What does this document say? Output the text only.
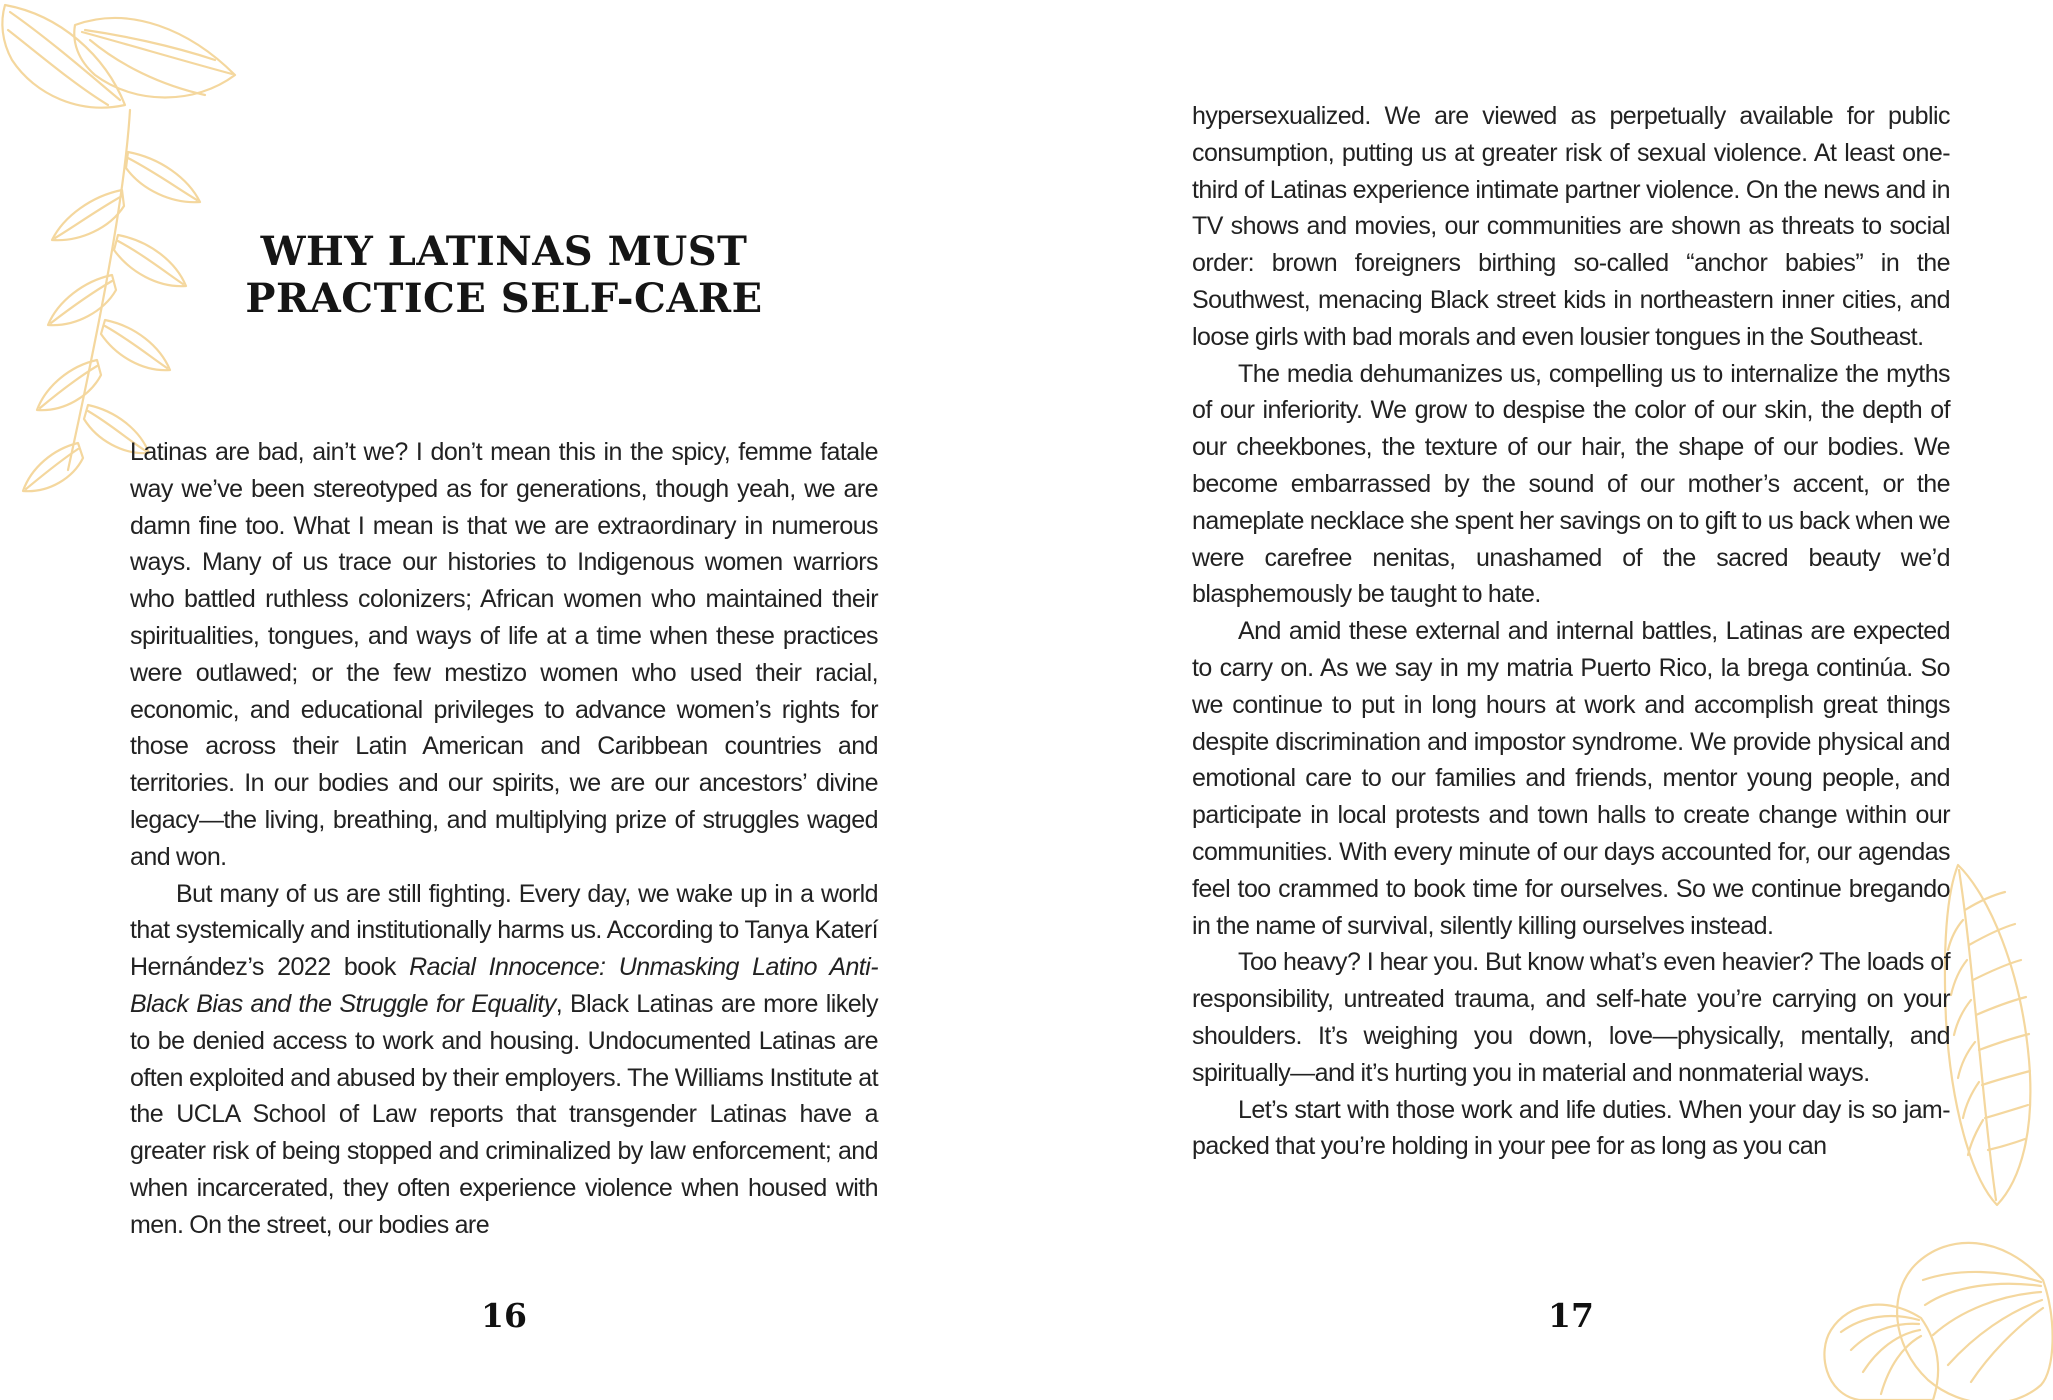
WHY LATINAS MUST
PRACTICE SELF-CARE

Latinas are bad, ain’t we? I don’t mean this in the spicy, femme fatale way we’ve been stereotyped as for generations, though yeah, we are damn fine too. What I mean is that we are extraordinary in numerous ways. Many of us trace our histories to Indigenous women warriors who battled ruthless colonizers; African women who maintained their spiritualities, tongues, and ways of life at a time when these practices were outlawed; or the few mestizo women who used their racial, economic, and educational privileges to advance women’s rights for those across their Latin American and Caribbean countries and territories. In our bodies and our spirits, we are our ancestors’ divine legacy—the living, breathing, and multiplying prize of struggles waged and won.

But many of us are still fighting. Every day, we wake up in a world that systemically and institutionally harms us. According to Tanya Katerí Hernández’s 2022 book Racial Innocence: Unmasking Latino Anti-Black Bias and the Struggle for Equality, Black Latinas are more likely to be denied access to work and housing. Undocumented Latinas are often exploited and abused by their employers. The Williams Institute at the UCLA School of Law reports that transgender Latinas have a greater risk of being stopped and criminalized by law enforcement; and when incarcerated, they often experience violence when housed with men. On the street, our bodies are

16

hypersexualized. We are viewed as perpetually available for public consumption, putting us at greater risk of sexual violence. At least one-third of Latinas experience intimate partner violence. On the news and in TV shows and movies, our communities are shown as threats to social order: brown foreigners birthing so-called “anchor babies” in the Southwest, menacing Black street kids in northeastern inner cities, and loose girls with bad morals and even lousier tongues in the Southeast.

The media dehumanizes us, compelling us to internalize the myths of our inferiority. We grow to despise the color of our skin, the depth of our cheekbones, the texture of our hair, the shape of our bodies. We become embarrassed by the sound of our mother’s accent, or the nameplate necklace she spent her savings on to gift to us back when we were carefree nenitas, unashamed of the sacred beauty we’d blasphemously be taught to hate.

And amid these external and internal battles, Latinas are expected to carry on. As we say in my matria Puerto Rico, la brega continúa. So we continue to put in long hours at work and accomplish great things despite discrimination and impostor syndrome. We provide physical and emotional care to our families and friends, mentor young people, and participate in local protests and town halls to create change within our communities. With every minute of our days accounted for, our agendas feel too crammed to book time for ourselves. So we continue bregando in the name of survival, silently killing ourselves instead.

Too heavy? I hear you. But know what’s even heavier? The loads of responsibility, untreated trauma, and self-hate you’re carrying on your shoulders. It’s weighing you down, love—physically, mentally, and spiritually—and it’s hurting you in material and nonmaterial ways.

Let’s start with those work and life duties. When your day is so jam-packed that you’re holding in your pee for as long as you can

17
